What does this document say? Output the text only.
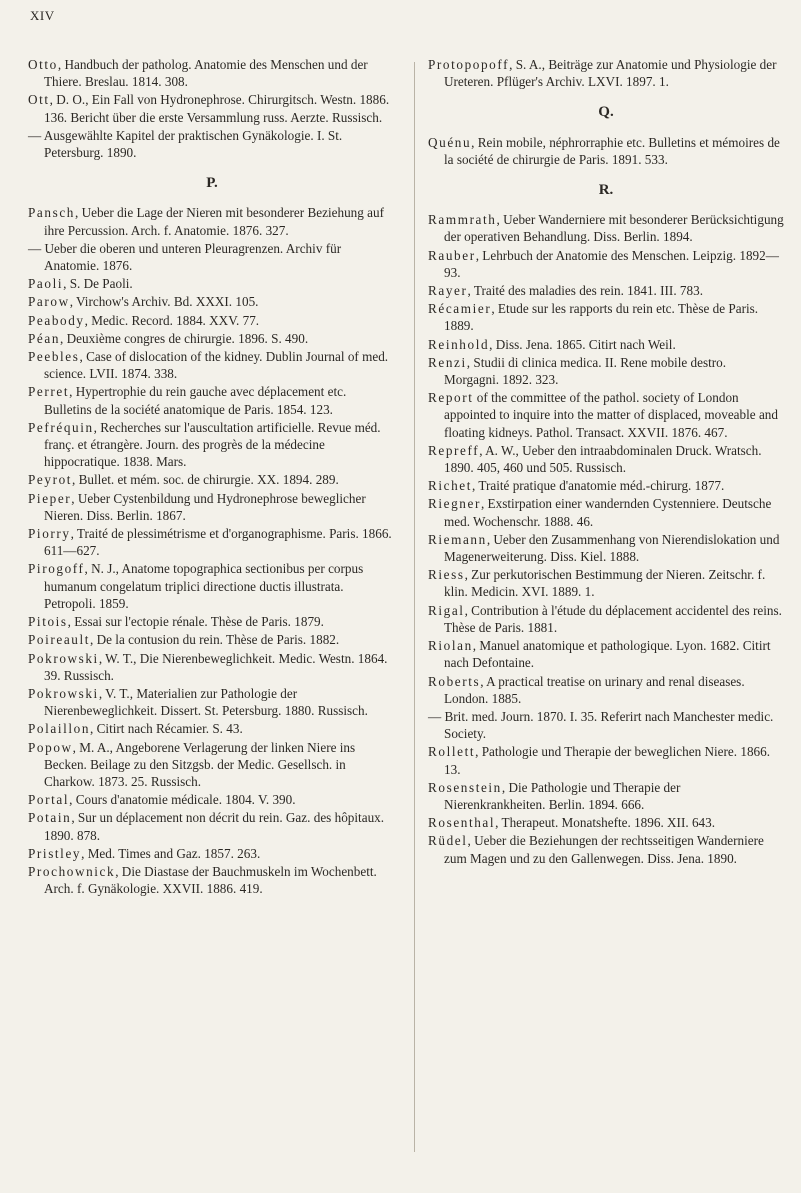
XIV
Otto, Handbuch der patholog. Anatomie des Menschen und der Thiere. Breslau. 1814. 308.
Ott, D. O., Ein Fall von Hydronephrose. Chirurgitsch. Westn. 1886. 136. Bericht über die erste Versammlung russ. Aerzte. Russisch.
— Ausgewählte Kapitel der praktischen Gynäkologie. I. St. Petersburg. 1890.
P.
Pansch, Ueber die Lage der Nieren mit besonderer Beziehung auf ihre Percussion. Arch. f. Anatomie. 1876. 327.
— Ueber die oberen und unteren Pleuragrenzen. Archiv für Anatomie. 1876.
Paoli, S. De Paoli.
Parow, Virchow's Archiv. Bd. XXXI. 105.
Peabody, Medic. Record. 1884. XXV. 77.
Péan, Deuxième congres de chirurgie. 1896. S. 490.
Peebles, Case of dislocation of the kidney. Dublin Journal of med. science. LVII. 1874. 338.
Perret, Hypertrophie du rein gauche avec déplacement etc. Bulletins de la société anatomique de Paris. 1854. 123.
Pefréquin, Recherches sur l'auscultation artificielle. Revue méd. franç. et étrangère. Journ. des progrès de la médecine hippocratique. 1838. Mars.
Peyrot, Bullet. et mém. soc. de chirurgie. XX. 1894. 289.
Pieper, Ueber Cystenbildung und Hydronephrose beweglicher Nieren. Diss. Berlin. 1867.
Piorry, Traité de plessimétrisme et d'organographisme. Paris. 1866. 611—627.
Pirogoff, N. J., Anatome topographica sectionibus per corpus humanum congelatum triplici directione ductis illustrata. Petropoli. 1859.
Pitois, Essai sur l'ectopie rénale. Thèse de Paris. 1879.
Poireault, De la contusion du rein. Thèse de Paris. 1882.
Pokrowski, W. T., Die Nierenbeweglichkeit. Medic. Westn. 1864. 39. Russisch.
Pokrowski, V. T., Materialien zur Pathologie der Nierenbeweglichkeit. Dissert. St. Petersburg. 1880. Russisch.
Polaillon, Citirt nach Récamier. S. 43.
Popow, M. A., Angeborene Verlagerung der linken Niere ins Becken. Beilage zu den Sitzgsb. der Medic. Gesellsch. in Charkow. 1873. 25. Russisch.
Portal, Cours d'anatomie médicale. 1804. V. 390.
Potain, Sur un déplacement non décrit du rein. Gaz. des hôpitaux. 1890. 878.
Pristley, Med. Times and Gaz. 1857. 263.
Prochownick, Die Diastase der Bauchmuskeln im Wochenbett. Arch. f. Gynäkologie. XXVII. 1886. 419.
Protopopoff, S. A., Beiträge zur Anatomie und Physiologie der Ureteren. Pflüger's Archiv. LXVI. 1897. 1.
Q.
Quénu, Rein mobile, néphrorraphie etc. Bulletins et mémoires de la société de chirurgie de Paris. 1891. 533.
R.
Rammrath, Ueber Wanderniere mit besonderer Berücksichtigung der operativen Behandlung. Diss. Berlin. 1894.
Rauber, Lehrbuch der Anatomie des Menschen. Leipzig. 1892—93.
Rayer, Traité des maladies des rein. 1841. III. 783.
Récamier, Etude sur les rapports du rein etc. Thèse de Paris. 1889.
Reinhold, Diss. Jena. 1865. Citirt nach Weil.
Renzi, Studii di clinica medica. II. Rene mobile destro. Morgagni. 1892. 323.
Report of the committee of the pathol. society of London appointed to inquire into the matter of displaced, moveable and floating kidneys. Pathol. Transact. XXVII. 1876. 467.
Repreff, A. W., Ueber den intraabdominalen Druck. Wratsch. 1890. 405, 460 und 505. Russisch.
Richet, Traité pratique d'anatomie méd.-chirurg. 1877.
Riegner, Exstirpation einer wandernden Cystenniere. Deutsche med. Wochenschr. 1888. 46.
Riemann, Ueber den Zusammenhang von Nierendislokation und Magenerweiterung. Diss. Kiel. 1888.
Riess, Zur perkutorischen Bestimmung der Nieren. Zeitschr. f. klin. Medicin. XVI. 1889. 1.
Rigal, Contribution à l'étude du déplacement accidentel des reins. Thèse de Paris. 1881.
Riolan, Manuel anatomique et pathologique. Lyon. 1682. Citirt nach Defontaine.
Roberts, A practical treatise on urinary and renal diseases. London. 1885.
— Brit. med. Journ. 1870. I. 35. Referirt nach Manchester medic. Society.
Rollett, Pathologie und Therapie der beweglichen Niere. 1866. 13.
Rosenstein, Die Pathologie und Therapie der Nierenkrankheiten. Berlin. 1894. 666.
Rosenthal, Therapeut. Monatshefte. 1896. XII. 643.
Rüdel, Ueber die Beziehungen der rechtsseitigen Wanderniere zum Magen und zu den Gallenwegen. Diss. Jena. 1890.
